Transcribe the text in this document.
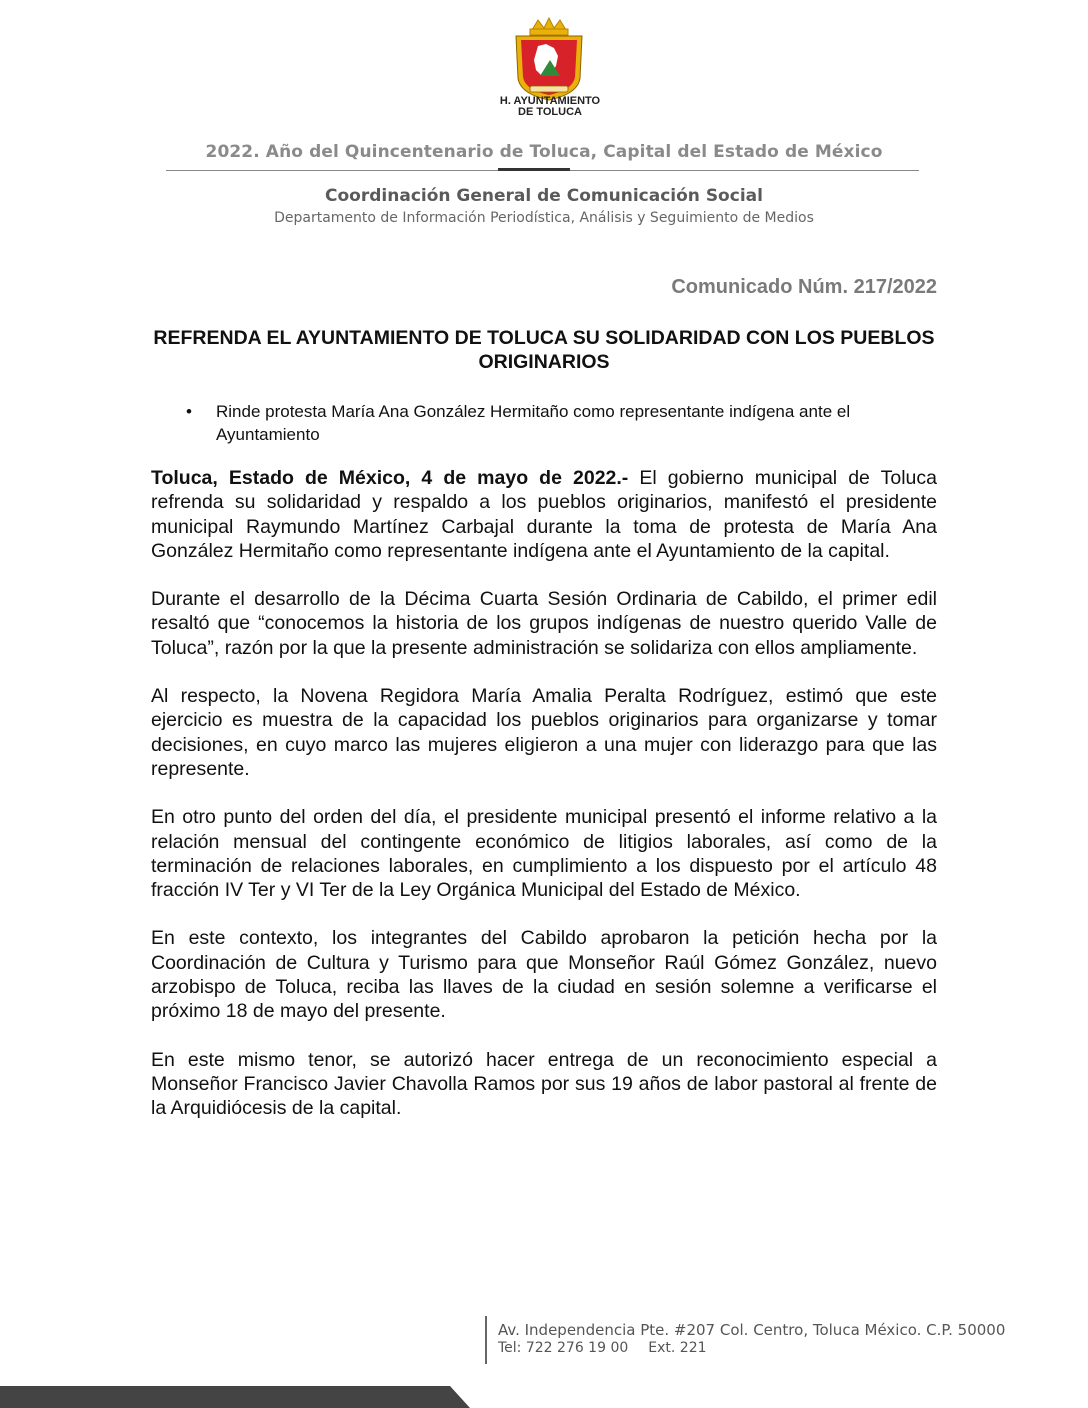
H. AYUNTAMIENTO
DE TOLUCA
2022. Año del Quincentenario de Toluca, Capital del Estado de México
Coordinación General de Comunicación Social
Departamento de Información Periodística, Análisis y Seguimiento de Medios
Comunicado Núm. 217/2022
REFRENDA EL AYUNTAMIENTO DE TOLUCA SU SOLIDARIDAD CON LOS PUEBLOS ORIGINARIOS
• Rinde protesta María Ana González Hermitaño como representante indígena ante el Ayuntamiento

Toluca, Estado de México, 4 de mayo de 2022.- El gobierno municipal de Toluca refrenda su solidaridad y respaldo a los pueblos originarios, manifestó el presidente municipal Raymundo Martínez Carbajal durante la toma de protesta de María Ana González Hermitaño como representante indígena ante el Ayuntamiento de la capital.

Durante el desarrollo de la Décima Cuarta Sesión Ordinaria de Cabildo, el primer edil resaltó que “conocemos la historia de los grupos indígenas de nuestro querido Valle de Toluca”, razón por la que la presente administración se solidariza con ellos ampliamente.

Al respecto, la Novena Regidora María Amalia Peralta Rodríguez, estimó que este ejercicio es muestra de la capacidad los pueblos originarios para organizarse y tomar decisiones, en cuyo marco las mujeres eligieron a una mujer con liderazgo para que las represente.

En otro punto del orden del día, el presidente municipal presentó el informe relativo a la relación mensual del contingente económico de litigios laborales, así como de la terminación de relaciones laborales, en cumplimiento a los dispuesto por el artículo 48 fracción IV Ter y VI Ter de la Ley Orgánica Municipal del Estado de México.

En este contexto, los integrantes del Cabildo aprobaron la petición hecha por la Coordinación de Cultura y Turismo para que Monseñor Raúl Gómez González, nuevo arzobispo de Toluca, reciba las llaves de la ciudad en sesión solemne a verificarse el próximo 18 de mayo del presente.

En este mismo tenor, se autorizó hacer entrega de un reconocimiento especial a Monseñor Francisco Javier Chavolla Ramos por sus 19 años de labor pastoral al frente de la Arquidiócesis de la capital.

Av. Independencia Pte. #207 Col. Centro, Toluca México. C.P. 50000
Tel: 722 276 19 00 Ext. 221
